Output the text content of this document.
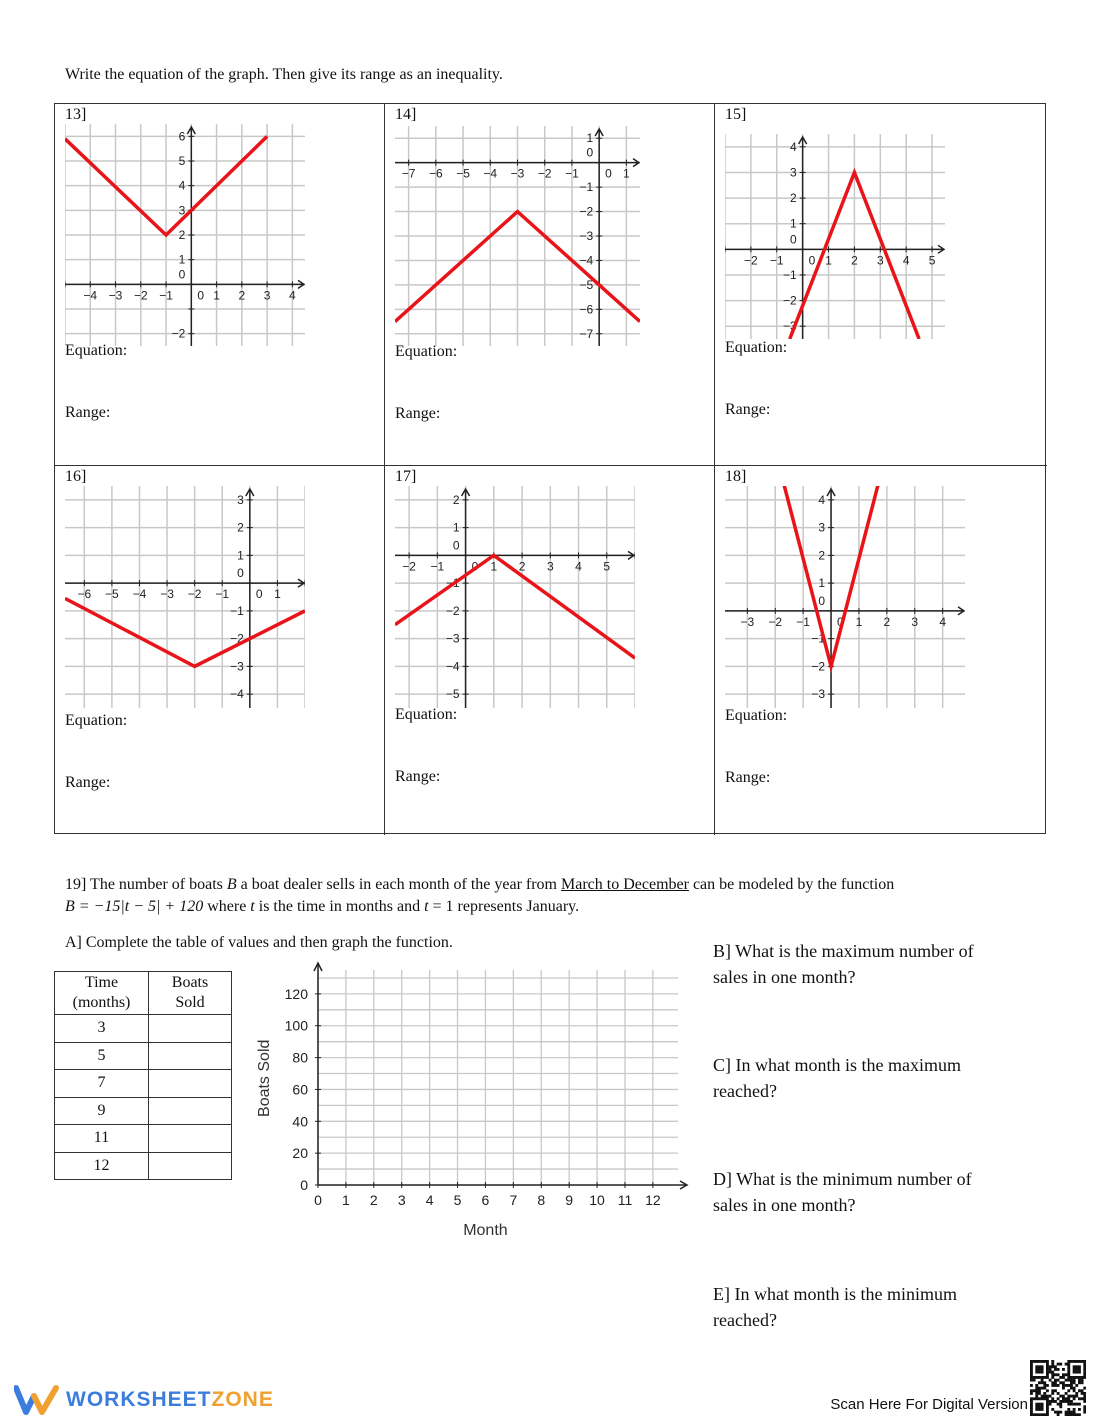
Write the equation of the graph. Then give its range as an inequality.
13]
−4 −3 −2 −1	1 2 3 4
−2
1
2
3
4
5
6
0
0
Equation:
Range:
14]
−7 −6 −5 −4 −3 −2 −1	1
1
−1
−2
−3
−4
−5
−6
−7
0
0
Equation:
Range:
15]
−2 −1	1 2 3 4 5
4
3
2
1
−1
−2
−3
0
0
Equation:
Range:
16]
−6 −5 −4 −3 −2 −1	1
3
2
1
−1
−2
−3
−4
0
0
Equation:
Range:
17]
−2 −1	1 2 3 4 5
2
1
−1
−2
−3
−4
−5
0
0
Equation:
Range:
18]
−3 −2 −1	1 2 3 4
4
3
2
1
−1
−2
−3
0
0
Equation:
Range:
19] The number of boats B a boat dealer sells in each month of the year from March to December can be modeled by the function
B = −15|t − 5| + 120 where t is the time in months and t = 1 represents January.
A] Complete the table of values and then graph the function.
Time
(months)	Boats
Sold
3	
5	
7	
9	
11	
12	
0 1 2 3 4 5 6 7 8 9 10 11 12
0
20
40
60
80
100
120
Month
Boats Sold
B] What is the maximum number of sales in one month?
C] In what month is the maximum reached?
D] What is the minimum number of sales in one month?
E] In what month is the minimum reached?
WORKSHEET ZONE	Scan Here For Digital Version
